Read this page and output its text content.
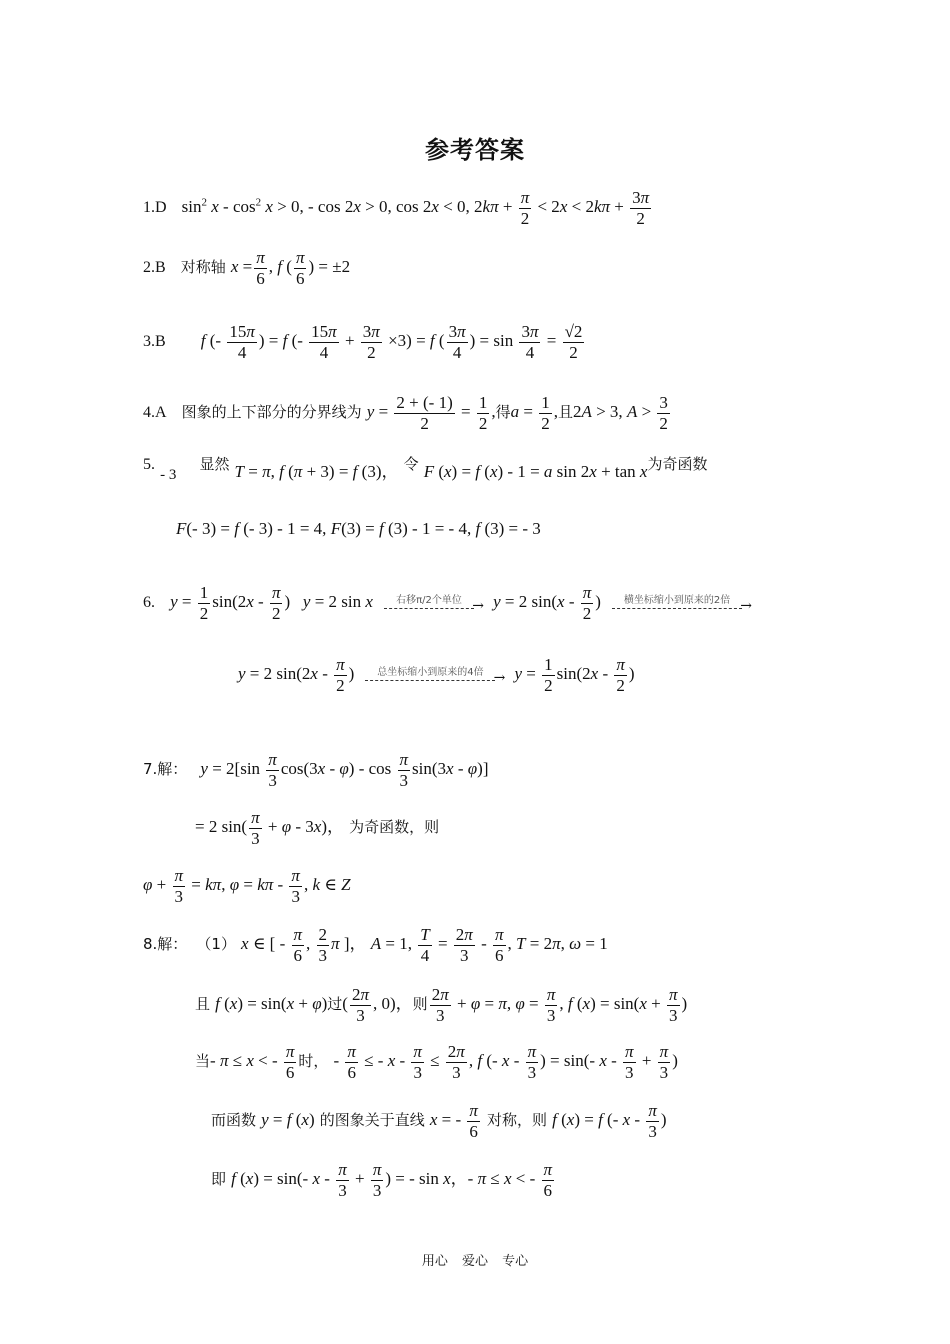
参考答案
1.D $\sin^2 x - \cos^2 x > 0$, - cos 2x > 0, cos 2x < 0, $2k\pi + \frac{\pi}{2} < 2x < 2k\pi + \frac{3\pi}{2}$
2.B 对称轴 $x = \frac{\pi}{6}$ , f ( $\frac{\pi}{6}$ ) = ±2
3.B f (- $\frac{15\pi}{4}$ ) = f (- $\frac{15\pi}{4} + \frac{3\pi}{2} \times 3) = f$ ( $\frac{3\pi}{4}$ ) = $\sin \frac{3\pi}{4} = \frac{√2}{2}$
4.A 图象的上下部分的分界线为 $y = \frac{2 + (- 1)}{2} = \frac{1}{2}$ ,得$a = \frac{1}{2}$ ,且2A > 3, $A > \frac{3}{2}$
5. - 3 显然 T = π, f (π + 3) = f (3)， 令 F (x) = f (x) - 1 = a sin 2x + tan x为奇函数
F(- 3) = f (- 3) - 1 = 4, F(3) = f (3) - 1 = - 4, f (3) = - 3
6. $y = \frac{1}{2} \sin(2x - \frac{\pi}{2}$ )   y = 2 sin x	右移π/2个单位 →	y = 2 $\sin(x - \frac{\pi}{2}$ )	横坐标缩小到原来的2倍
→
y = 2 $\sin(2x - \frac{\pi}{2}$ )	总坐标缩小到原来的4倍 →	$y = \frac{1}{2} \sin(2x - \frac{\pi}{2}$ )
7.解： $y = 2[\sin \frac{\pi}{3} \cos(3x - \varphi) - \cos \frac{\pi}{3} \sin(3x - \varphi)]$
= 2 $\sin( \frac{\pi}{3} + \varphi - 3x)$， 为奇函数，则
$\varphi + \frac{\pi}{3} = k\pi$, $\varphi = k\pi - \frac{\pi}{3}$ , k ∈ Z
8.解： （1） x ∈ [ - $\frac{\pi}{6}$ , $\frac{2}{3}$ π ]， A = 1, $\frac{T}{4} = \frac{2\pi}{3} - \frac{\pi}{6}$ , T = 2π, ω = 1
且 f (x) = sin(x + φ)过( $\frac{2\pi}{3}$ , 0)，则 $\frac{2\pi}{3} + \varphi = \pi$, $\varphi = \frac{\pi}{3}$ , f $(x) = \sin(x + \frac{\pi}{3}$ )
当- π ≤ x < - $\frac{\pi}{6}$ 时， - $\frac{\pi}{6}$ ≤ - $x - \frac{\pi}{3} \le \frac{2\pi}{3}$ , f (- x - $\frac{\pi}{3}$ ) = sin(- $x - \frac{\pi}{3} + \frac{\pi}{3}$ )
而函数 y = f (x) 的图象关于直线 x = - $\frac{\pi}{6}$ 对称，则 f (x) = f (- x - $\frac{\pi}{3}$ )
即 f (x) = sin(- $x - \frac{\pi}{3} + \frac{\pi}{3}$ ) = - sin x，- π ≤ x < - $\frac{\pi}{6}$
用心 爱心 专心
